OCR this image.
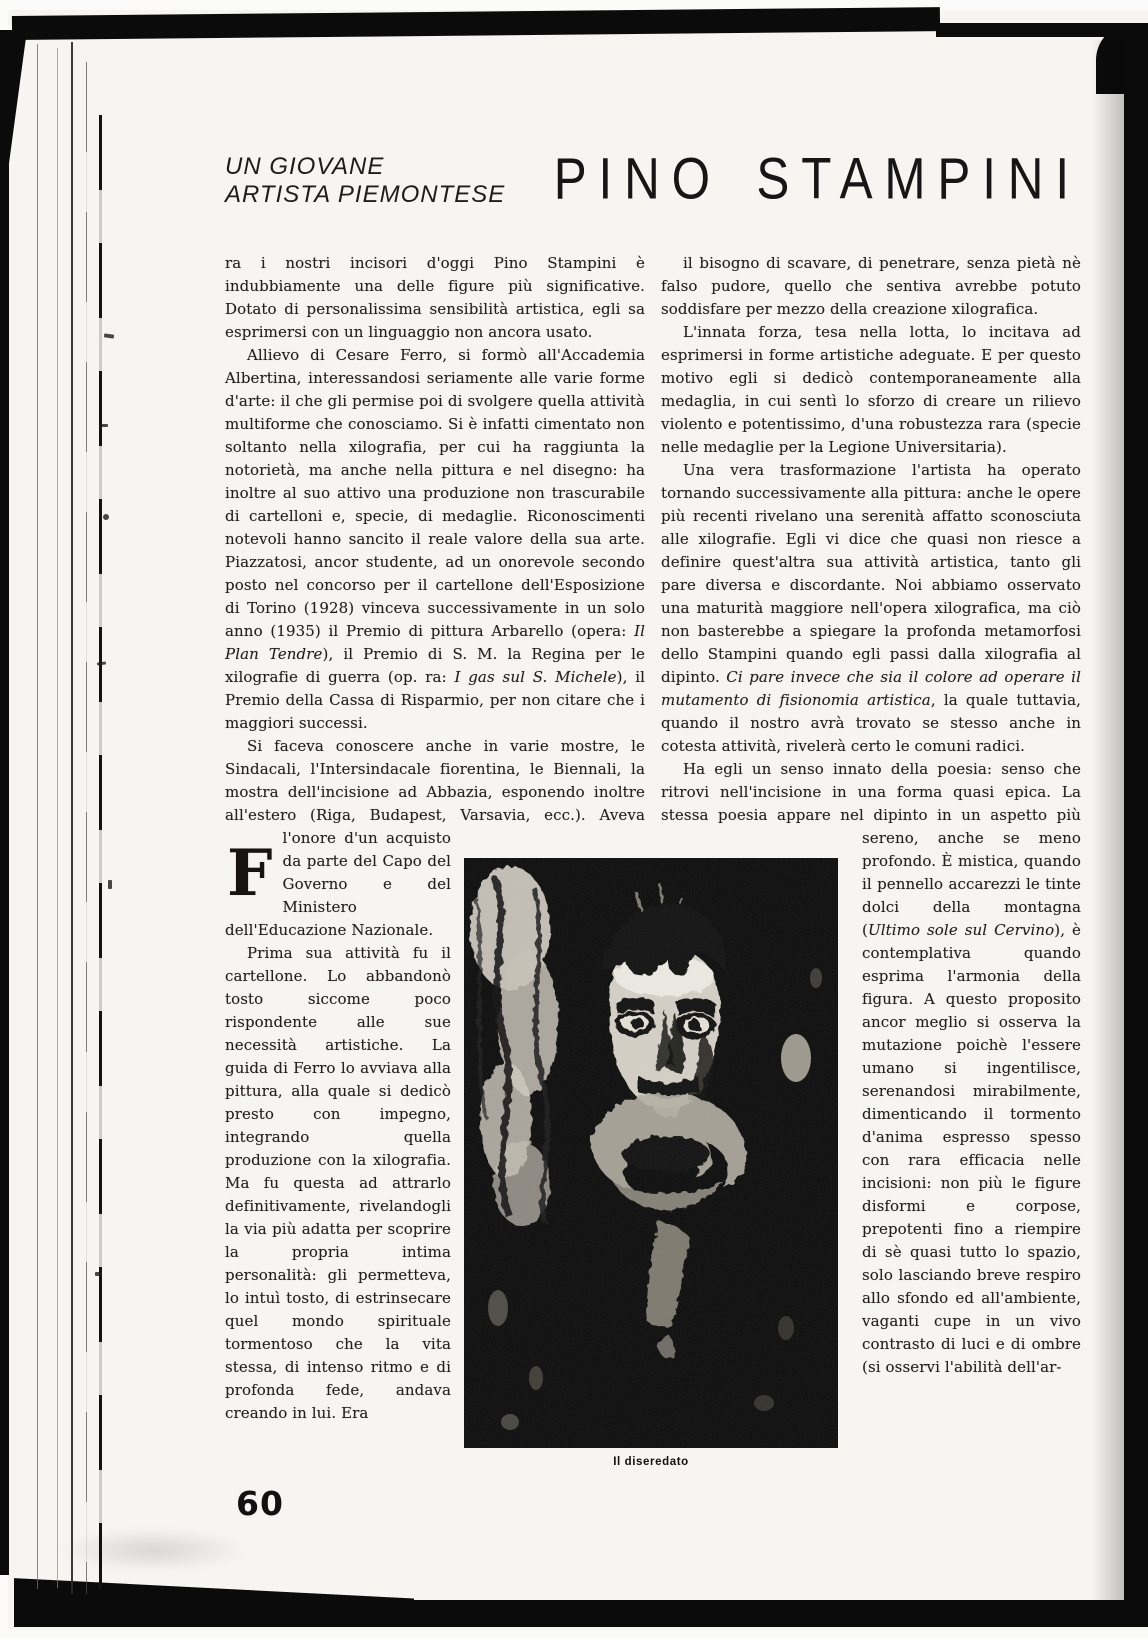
UN GIOVANE
ARTISTA PIEMONTESE PINO STAMPINI

F
ra i nostri incisori d'oggi Pino Stampini è indubbiamente una delle figure più significative. Dotato di personalissima sensibilità artistica, egli sa esprimersi con un linguaggio non ancora usato.

Allievo di Cesare Ferro, si formò all'Accademia Albertina, interessandosi seriamente alle varie forme d'arte: il che gli permise poi di svolgere quella attività multiforme che conosciamo. Si è infatti cimentato non soltanto nella xilografia, per cui ha raggiunta la notorietà, ma anche nella pittura e nel disegno: ha inoltre al suo attivo una produzione non trascurabile di cartelloni e, specie, di medaglie. Riconoscimenti notevoli hanno sancito il reale valore della sua arte. Piazzatosi, ancor studente, ad un onorevole secondo posto nel concorso per il cartellone dell'Esposizione di Torino (1928) vinceva successivamente in un solo anno (1935) il Premio di pittura Arbarello (opera: Il Plan Tendre), il Premio di S. M. la Regina per le xilografie di guerra (op. ra: I gas sul S. Michele), il Premio della Cassa di Risparmio, per non citare che i maggiori successi.

Si faceva conoscere anche in varie mostre, le Sindacali, l'Intersindacale fiorentina, le Biennali, la mostra dell'incisione ad Abbazia, esponendo inoltre all'estero (Riga, Budapest, Varsavia, ecc.). Aveva l'onore d'un acquisto da parte del Capo del Governo e del Ministero dell'Educazione Nazionale.

Prima sua attività fu il cartellone. Lo abbandonò tosto siccome poco rispondente alle sue necessità artistiche. La guida di Ferro lo avviava alla pittura, alla quale si dedicò presto con impegno, integrando quella produzione con la xilografia. Ma fu questa ad attrarlo definitivamente, rivelandogli la via più adatta per scoprire la propria intima personalità: gli permetteva, lo intuì tosto, di estrinsecare quel mondo spirituale tormentoso che la vita stessa, di intenso ritmo e di profonda fede, andava creando in lui. Era

il bisogno di scavare, di penetrare, senza pietà nè falso pudore, quello che sentiva avrebbe potuto soddisfare per mezzo della creazione xilografica.

L'innata forza, tesa nella lotta, lo incitava ad esprimersi in forme artistiche adeguate. E per questo motivo egli si dedicò contemporaneamente alla medaglia, in cui sentì lo sforzo di creare un rilievo violento e potentissimo, d'una robustezza rara (specie nelle medaglie per la Legione Universitaria).

Una vera trasformazione l'artista ha operato tornando successivamente alla pittura: anche le opere più recenti rivelano una serenità affatto sconosciuta alle xilografie. Egli vi dice che quasi non riesce a definire quest'altra sua attività artistica, tanto gli pare diversa e discordante. Noi abbiamo osservato una maturità maggiore nell'opera xilografica, ma ciò non basterebbe a spiegare la profonda metamorfosi dello Stampini quando egli passi dalla xilografia al dipinto. Ci pare invece che sia il colore ad operare il mutamento di fisionomia artistica, la quale tuttavia, quando il nostro avrà trovato se stesso anche in cotesta attività, rivelerà certo le comuni radici.

Ha egli un senso innato della poesia: senso che ritrovi nell'incisione in una forma quasi epica. La stessa poesia appare nel dipinto in un aspetto più sereno, anche se meno profondo. È mistica, quando il pennello accarezzi le tinte dolci della montagna (Ultimo sole sul Cervino), è contemplativa quando esprima l'armonia della figura. A questo proposito ancor meglio si osserva la mutazione poichè l'essere umano si ingentilisce, serenandosi mirabilmente, dimenticando il tormento d'anima espresso spesso con rara efficacia nelle incisioni: non più le figure disformi e corpose, prepotenti fino a riempire di sè quasi tutto lo spazio, solo lasciando breve respiro allo sfondo ed all'ambiente, vaganti cupe in un vivo contrasto di luci e di ombre (si osservi l'abilità dell'ar-

Il diseredato
60
